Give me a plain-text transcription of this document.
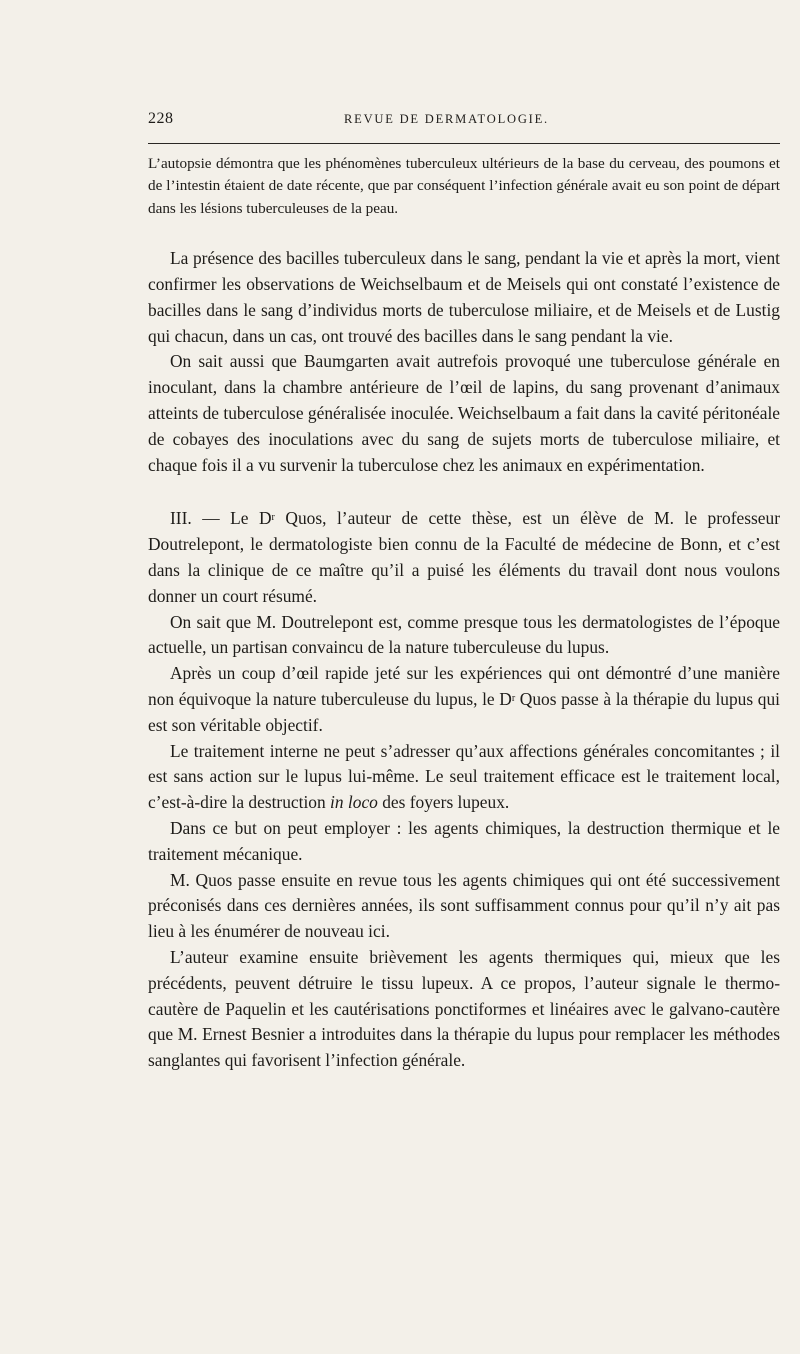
228	REVUE DE DERMATOLOGIE.

L’autopsie démontra que les phénomènes tuberculeux ultérieurs de la base du cerveau, des poumons et de l’intestin étaient de date récente, que par conséquent l’infection générale avait eu son point de départ dans les lésions tuberculeuses de la peau.

La présence des bacilles tuberculeux dans le sang, pendant la vie et après la mort, vient confirmer les observations de Weichselbaum et de Meisels qui ont constaté l’existence de bacilles dans le sang d’individus morts de tuberculose miliaire, et de Meisels et de Lustig qui chacun, dans un cas, ont trouvé des bacilles dans le sang pendant la vie.

On sait aussi que Baumgarten avait autrefois provoqué une tuberculose générale en inoculant, dans la chambre antérieure de l’œil de lapins, du sang provenant d’animaux atteints de tuberculose généralisée inoculée. Weichselbaum a fait dans la cavité péritonéale de cobayes des inoculations avec du sang de sujets morts de tuberculose miliaire, et chaque fois il a vu survenir la tuberculose chez les animaux en expérimentation.

III. — Le $D^r$ Quos, l’auteur de cette thèse, est un élève de M. le professeur Doutrelepont, le dermatologiste bien connu de la Faculté de médecine de Bonn, et c’est dans la clinique de ce maître qu’il a puisé les éléments du travail dont nous voulons donner un court résumé.

On sait que M. Doutrelepont est, comme presque tous les dermatologistes de l’époque actuelle, un partisan convaincu de la nature tuberculeuse du lupus.

Après un coup d’œil rapide jeté sur les expériences qui ont démontré d’une manière non équivoque la nature tuberculeuse du lupus, le $D^r$ Quos passe à la thérapie du lupus qui est son véritable objectif.

Le traitement interne ne peut s’adresser qu’aux affections générales concomitantes ; il est sans action sur le lupus lui-même. Le seul traitement efficace est le traitement local, c’est-à-dire la destruction in loco des foyers lupeux.

Dans ce but on peut employer : les agents chimiques, la destruction thermique et le traitement mécanique.

M. Quos passe ensuite en revue tous les agents chimiques qui ont été successivement préconisés dans ces dernières années, ils sont suffisamment connus pour qu’il n’y ait pas lieu à les énumérer de nouveau ici.

L’auteur examine ensuite brièvement les agents thermiques qui, mieux que les précédents, peuvent détruire le tissu lupeux. A ce propos, l’auteur signale le thermo-cautère de Paquelin et les cautérisations ponctiformes et linéaires avec le galvano-cautère que M. Ernest Besnier a introduites dans la thérapie du lupus pour remplacer les méthodes sanglantes qui favorisent l’infection générale.
